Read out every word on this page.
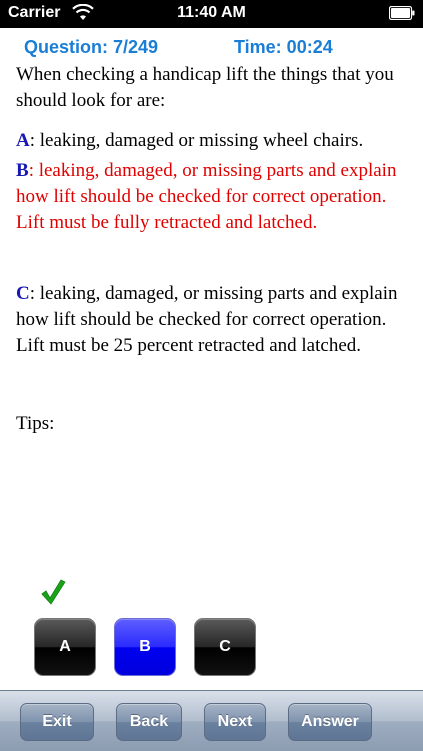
Carrier	11:40 AM
Question: 7/249	Time: 00:24
When checking a handicap lift the things that you should look for are:
A: leaking, damaged or missing wheel chairs.
B: leaking, damaged, or missing parts and explain how lift should be checked for correct operation. Lift must be fully retracted and latched.
C: leaking, damaged, or missing parts and explain how lift should be checked for correct operation. Lift must be 25 percent retracted and latched.
Tips:
A	B	C
Exit	Back	Next	Answer
